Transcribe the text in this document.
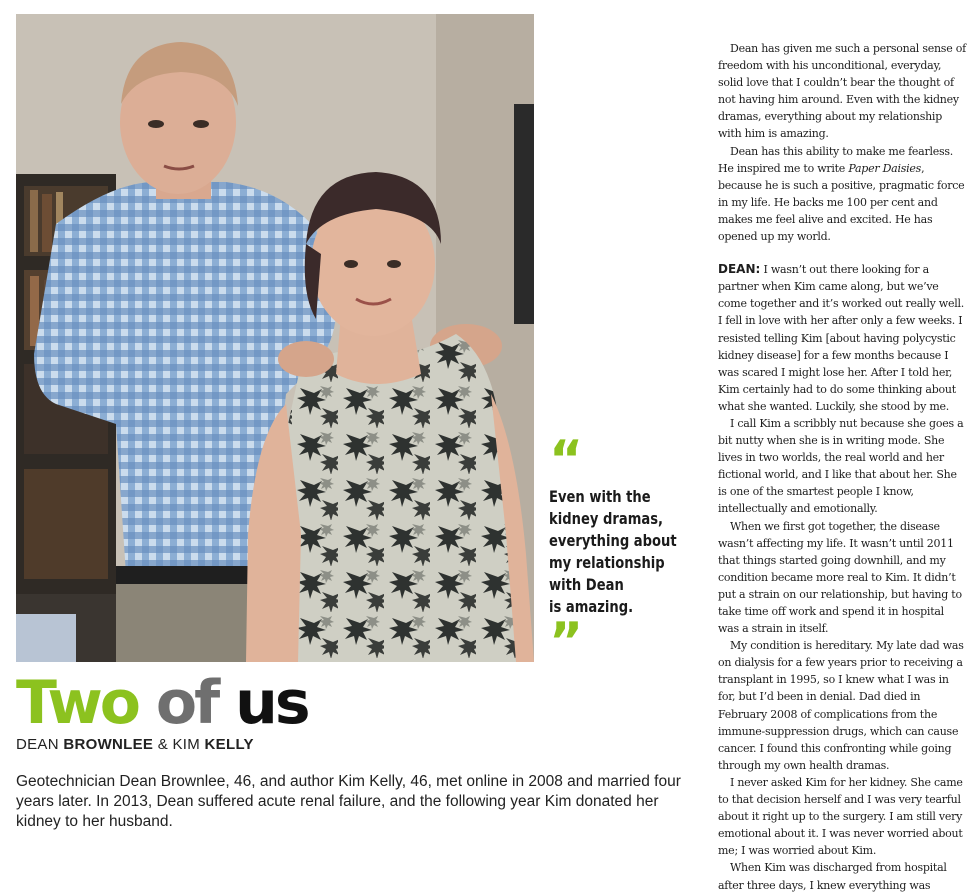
“
Even with the
kidney dramas,
everything about
my relationship
with Dean
is amazing.
”
Two of us
DEAN BROWNLEE & KIM KELLY

Geotechnician Dean Brownlee, 46, and author Kim Kelly, 46, met online in 2008 and married four years later. In 2013, Dean suffered acute renal failure, and the following year Kim donated her kidney to her husband.

Dean has given me such a personal sense of freedom with his unconditional, everyday, solid love that I couldn’t bear the thought of not having him around. Even with the kidney dramas, everything about my relationship with him is amazing.

Dean has this ability to make me fearless. He inspired me to write Paper Daisies, because he is such a positive, pragmatic force in my life. He backs me 100 per cent and makes me feel alive and excited. He has opened up my world.

DEAN: I wasn’t out there looking for a partner when Kim came along, but we’ve come together and it’s worked out really well. I fell in love with her after only a few weeks. I resisted telling Kim [about having polycystic kidney disease] for a few months because I was scared I might lose her. After I told her, Kim certainly had to do some thinking about what she wanted. Luckily, she stood by me.

I call Kim a scribbly nut because she goes a bit nutty when she is in writing mode. She lives in two worlds, the real world and her fictional world, and I like that about her. She is one of the smartest people I know, intellectually and emotionally.

When we first got together, the disease wasn’t affecting my life. It wasn’t until 2011 that things started going downhill, and my condition became more real to Kim. It didn’t put a strain on our relationship, but having to take time off work and spend it in hospital was a strain in itself.

My condition is hereditary. My late dad was on dialysis for a few years prior to receiving a transplant in 1995, so I knew what I was in for, but I’d been in denial. Dad died in February 2008 of complications from the immune-suppression drugs, which can cause cancer. I found this confronting while going through my own health dramas.

I never asked Kim for her kidney. She came to that decision herself and I was very tearful about it right up to the surgery. I am still very emotional about it. I was never worried about me; I was worried about Kim.

When Kim was discharged from hospital after three days, I knew everything was
